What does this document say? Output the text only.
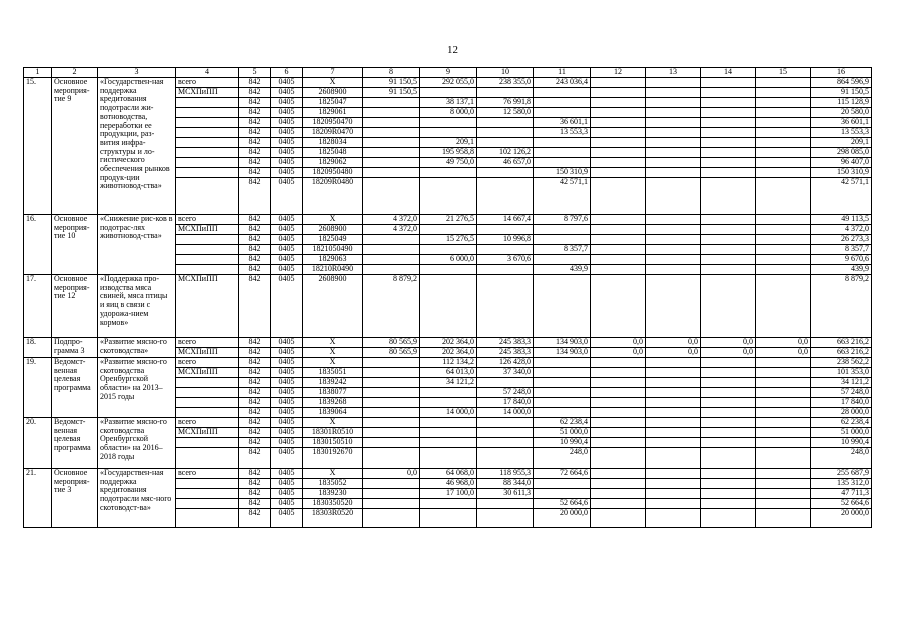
12
1	2	3	4	5	6	7	8	9	10	11	12	13	14	15	16
15.	Основное мероприя-тие 9	«Государствен-ная поддержка кредитования подотрасли жи-вотноводства, переработки ее продукции, раз-вития инфра-структуры и ло-гистического обеспечения рынков продук-ции животновод-ства»	всего	842	0405	Х	91 150,5	292 055,0	238 355,0	243 036,4					864 596,9
			МСХПиПП	842	0405	2608900	91 150,5								91 150,5
				842	0405	1825047		38 137,1	76 991,8						115 128,9
				842	0405	1829061		8 000,0	12 580,0						20 580,0
				842	0405	1820950470				36 601,1					36 601,1
				842	0405	18209R0470				13 553,3					13 553,3
				842	0405	1828034		209,1							209,1
				842	0405	1825048		195 958,8	102 126,2						298 085,0
				842	0405	1829062		49 750,0	46 657,0						96 407,0
				842	0405	1820950480				150 310,9					150 310,9
				842	0405	18209R0480				42 571,1					42 571,1
16.	Основное мероприя-тие 10	«Снижение рис-ков в подотрас-лях животновод-ства»	всего	842	0405	Х	4 372,0	21 276,5	14 667,4	8 797,6					49 113,5
			МСХПиПП	842	0405	2608900	4 372,0								4 372,0
				842	0405	1825049		15 276,5	10 996,8						26 273,3
				842	0405	1821050490				8 357,7					8 357,7
				842	0405	1829063		6 000,0	3 670,6						9 670,6
				842	0405	18210R0490				439,9					439,9
17.	Основное мероприя-тие 12	«Поддержка про-изводства мяса свиней, мяса птицы и яиц в связи с удорожа-нием кормов»	МСХПиПП	842	0405	2608900	8 879,2								8 879,2
18.	Подпро-грамма 3	«Развитие мясно-го скотоводства»	всего	842	0405	Х	80 565,9	202 364,0	245 383,3	134 903,0	0,0	0,0	0,0	0,0	663 216,2
			МСХПиПП	842	0405	Х	80 565,9	202 364,0	245 383,3	134 903,0	0,0	0,0	0,0	0,0	663 216,2
19.	Ведомст-венная целевая программа	«Развитие мясно-го скотоводства Оренбургской области» на 2013–2015 годы	всего	842	0405	Х		112 134,2	126 428,0						238 562,2
			МСХПиПП	842	0405	1835051		64 013,0	37 340,0						101 353,0
				842	0405	1839242		34 121,2							34 121,2
				842	0405	1838077			57 248,0						57 248,0
				842	0405	1839268			17 840,0						17 840,0
				842	0405	1839064		14 000,0	14 000,0						28 000,0
20.	Ведомст-венная целевая программа	«Развитие мясно-го скотоводства Оренбургской области» на 2016–2018 годы	всего	842	0405	Х				62 238,4					62 238,4
			МСХПиПП	842	0405	18301R0510				51 000,0					51 000,0
				842	0405	1830150510				10 990,4					10 990,4
				842	0405	1830192670				248,0					248,0
21.	Основное мероприя-тие 3	«Государствен-ная поддержка кредитования подотрасли мяс-ного скотоводст-ва»	всего	842	0405	Х	0,0	64 068,0	118 955,3	72 664,6					255 687,9
				842	0405	1835052		46 968,0	88 344,0						135 312,0
				842	0405	1839230		17 100,0	30 611,3						47 711,3
				842	0405	1830350520				52 664,6					52 664,6
				842	0405	18303R0520				20 000,0					20 000,0
